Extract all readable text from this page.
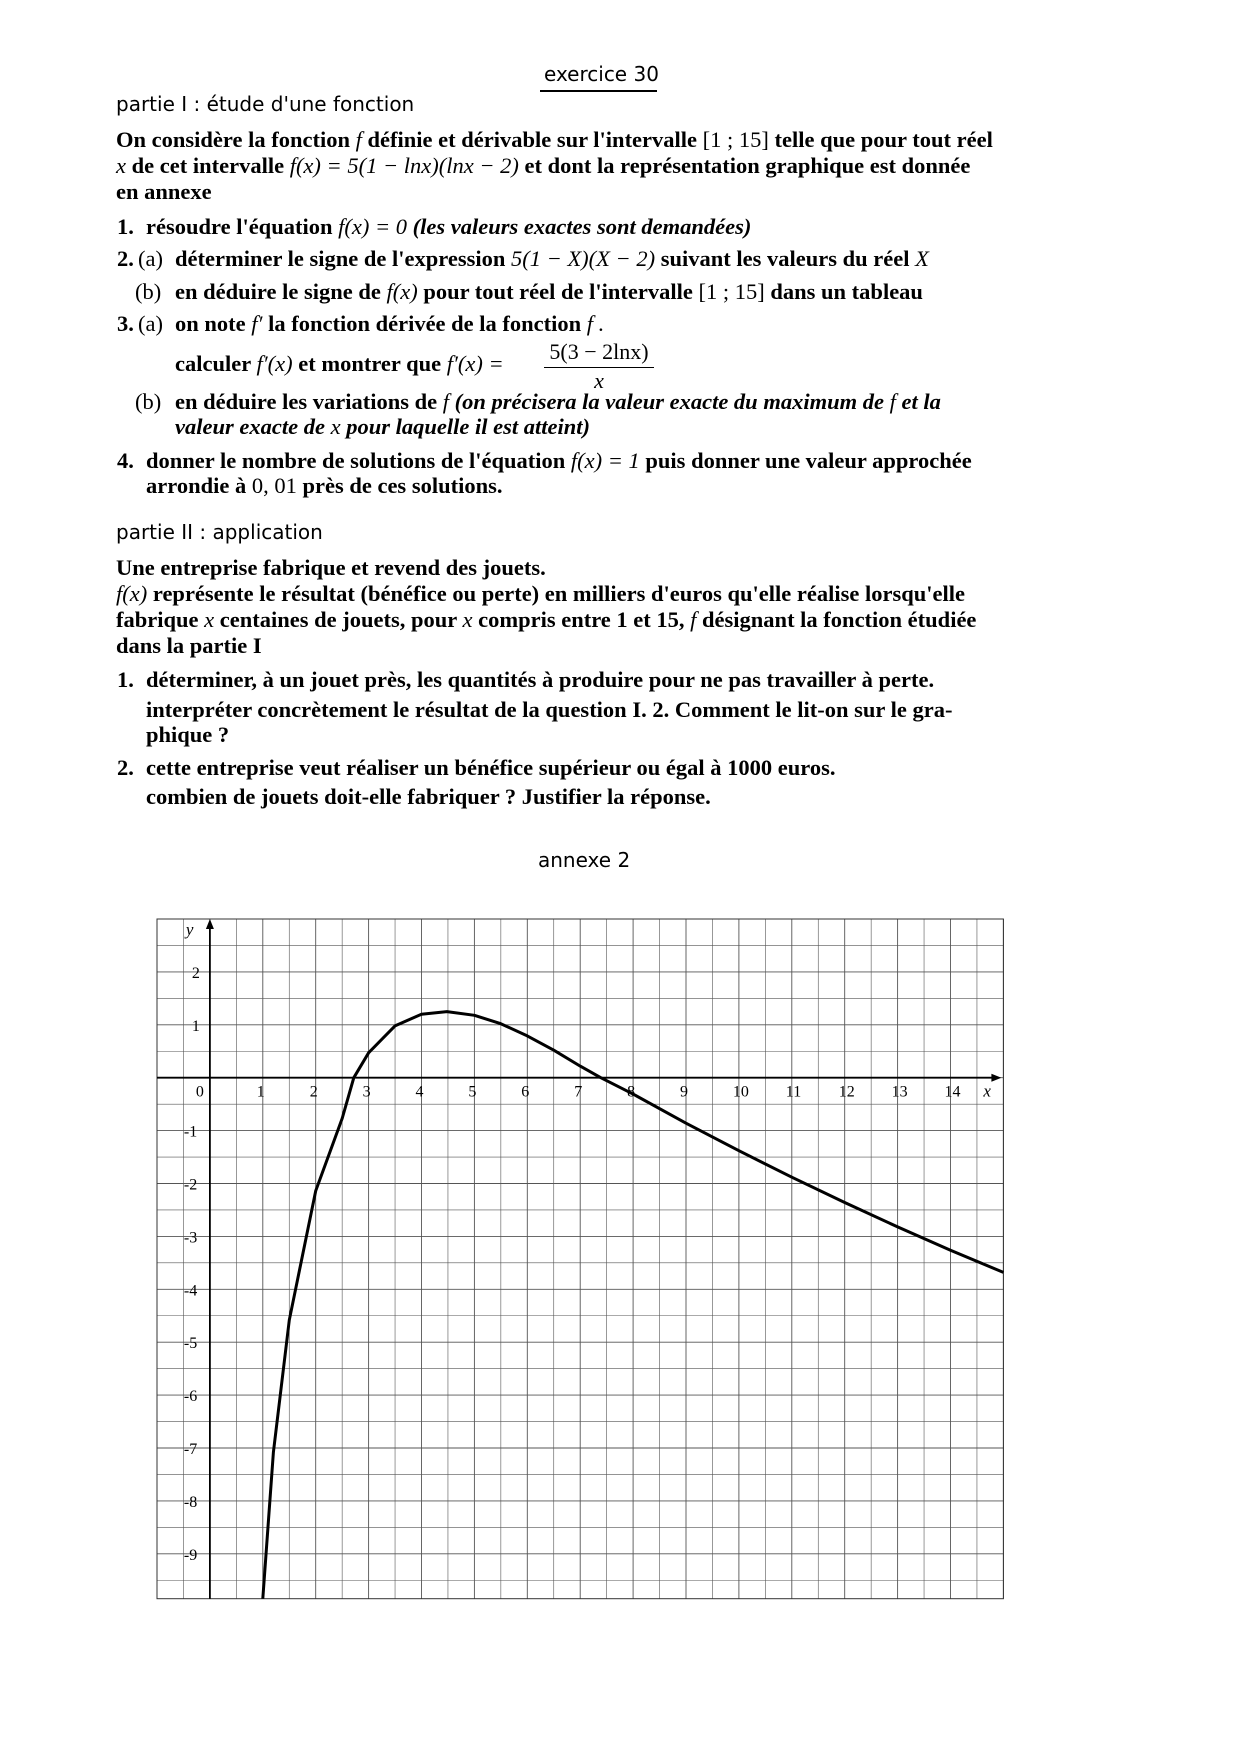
exercice 30
partie I : étude d'une fonction
On considère la fonction f définie et dérivable sur l'intervalle [1 ; 15] telle que pour tout réel
x de cet intervalle f(x) = 5(1 − lnx)(lnx − 2) et dont la représentation graphique est donnée
en annexe
1. résoudre l'équation f(x) = 0 (les valeurs exactes sont demandées)
2. (a) déterminer le signe de l'expression 5(1 − X)(X − 2) suivant les valeurs du réel X
(b) en déduire le signe de f(x) pour tout réel de l'intervalle [1 ; 15] dans un tableau
3. (a) on note f′ la fonction dérivée de la fonction f .
calculer f′(x) et montrer que f′(x) = 5(3 − 2lnx)
x
(b) en déduire les variations de f (on précisera la valeur exacte du maximum de f et la
valeur exacte de x pour laquelle il est atteint)
4. donner le nombre de solutions de l'équation f(x) = 1 puis donner une valeur approchée
arrondie à 0, 01 près de ces solutions.
partie II : application
Une entreprise fabrique et revend des jouets.
f(x) représente le résultat (bénéfice ou perte) en milliers d'euros qu'elle réalise lorsqu'elle
fabrique x centaines de jouets, pour x compris entre 1 et 15, f désignant la fonction étudiée
dans la partie I
1. déterminer, à un jouet près, les quantités à produire pour ne pas travailler à perte.
interpréter concrètement le résultat de la question I. 2. Comment le lit-on sur le gra-
phique ?
2. cette entreprise veut réaliser un bénéfice supérieur ou égal à 1000 euros.
combien de jouets doit-elle fabriquer ? Justifier la réponse.
annexe 2
0	1	2	3	4	5	6	7	8	9	10 11 12 13 14
2
1
-1
-2
-3
-4
-5
-6
-7
-8
-9
x
y
